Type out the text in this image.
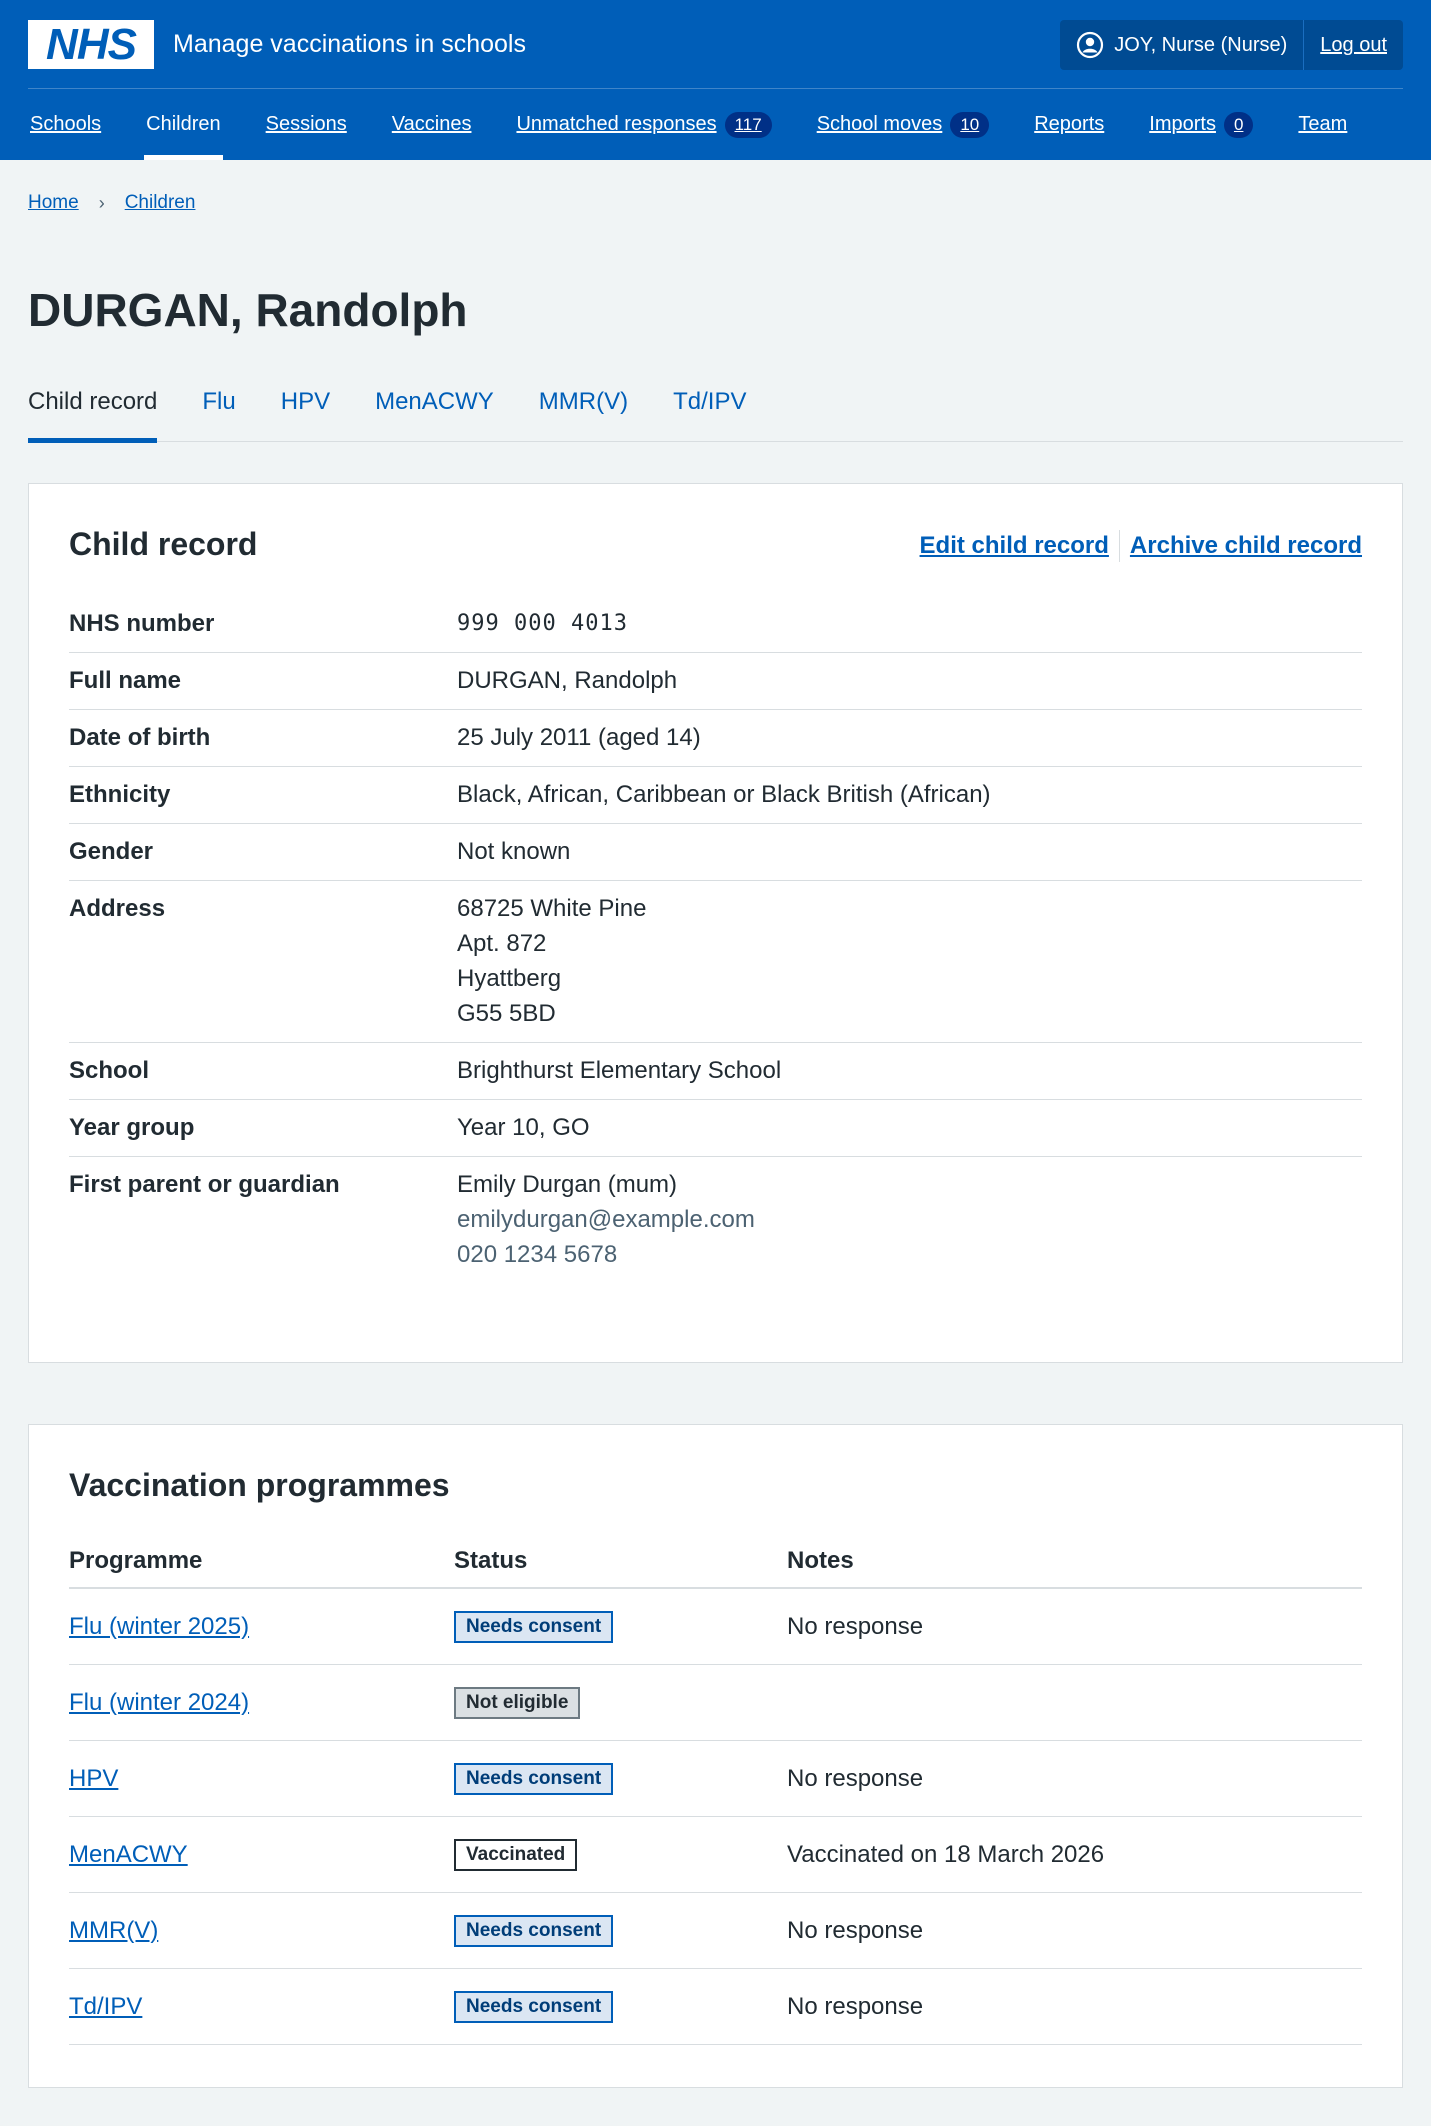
NHS Manage vaccinations in schools	JOY, Nurse (Nurse)	Log out
Schools Children Sessions Vaccines Unmatched responses	117	School moves	10	Reports Imports	0	Team
Home › Children
DURGAN, Randolph
Child record Flu HPV MenACWY MMR(V) Td/IPV
Child record	Edit child record Archive child record
NHS number	999 000 4013
Full name	DURGAN, Randolph
Date of birth	25 July 2011 (aged 14)
Ethnicity	Black, African, Caribbean or Black British (African)
Gender	Not known
Address	68725 White Pine
Apt. 872
Hyattberg
G55 5BD
School	Brighthurst Elementary School
Year group	Year 10, GO
First parent or guardian	Emily Durgan (mum)
emilydurgan@example.com
020 1234 5678
Vaccination programmes
Programme	Status	Notes
Flu (winter 2025)	Needs consent	No response
Flu (winter 2024)	Not eligible
HPV	Needs consent	No response
MenACWY	Vaccinated	Vaccinated on 18 March 2026
MMR(V)	Needs consent	No response
Td/IPV	Needs consent	No response
